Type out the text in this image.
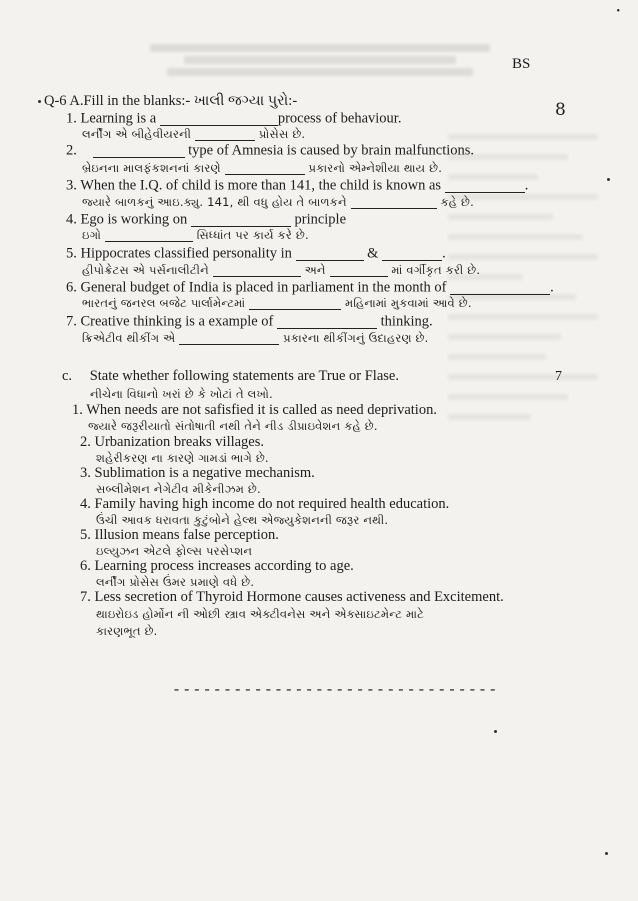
•
BS
Q-6 A.Fill in the blanks:- ખાલી જગ્યા પુરો:-	8
1. Learning is a	process of behaviour.
લર્નીંગ એ બીહેવીયરની	પ્રોસેસ છે.
2.	type of Amnesia is caused by brain malfunctions.
બ્રેઇનના માલફંકશનનાં કારણે	પ્રકારનો એમ્નેશીયા થાય છે.
3. When the I.Q. of child is more than 141, the child is known as	.
જ્યારે બાળકનું આઇ.ક્યુ. 141, થી વધુ હોય તે બાળકને	કહે છે.
4. Ego is working on	principle
ઇગો	સિધ્ધાંત પર કાર્ય કરે છે.
5. Hippocrates classified personality in	&	.
હીપોક્રેટસ એ પર્સનાલીટીને	અને	માં વર્ગીકૃત કરી છે.
6. General budget of India is placed in parliament in the month of	.
ભારતનું જનરલ બજેટ પાર્લામેન્ટમાં	મહિનામાં મુકવામાં આવે છે.
7. Creative thinking is a example of	thinking.
ક્રિએટીવ થીકીંગ એ	પ્રકારના થીકીંગનું ઉદાહરણ છે.
c. State whether following statements are True or Flase.	7
નીચેના વિધાનો ખરાં છે કે ખોટાં તે લખો.
1. When needs are not safisfied it is called as need deprivation.
જ્યારે જરૂરીયાતો સંતોષાતી નથી તેને નીડ ડીપ્રાઇવેશન કહે છે.
2. Urbanization breaks villages.
શહેરીકરણ ના કારણે ગામડાં ભાગે છે.
3. Sublimation is a negative mechanism.
સબ્લીમેશન નેગેટીવ મીકેનીઝમ છે.
4. Family having high income do not required health education.
ઉંચી આવક ધરાવતા કુટુંબોને હેલ્થ એજ્યુકેશનની જરૂર નથી.
5. Illusion means false perception.
ઇલ્યુઝન એટલે ફોલ્સ પરસેપ્શન
6. Learning process increases according to age.
લર્નીંગ પ્રોસેસ ઉંમર પ્રમાણે વધે છે.
7. Less secretion of Thyroid Hormone causes activeness and Excitement.
થાઇરોઇડ હોર્મોન ની ઓછી સ્ત્રાવ એક્ટીવનેસ અને એક્સાઇટમેન્ટ માટે
કારણભૂત છે.
--------------------------------
